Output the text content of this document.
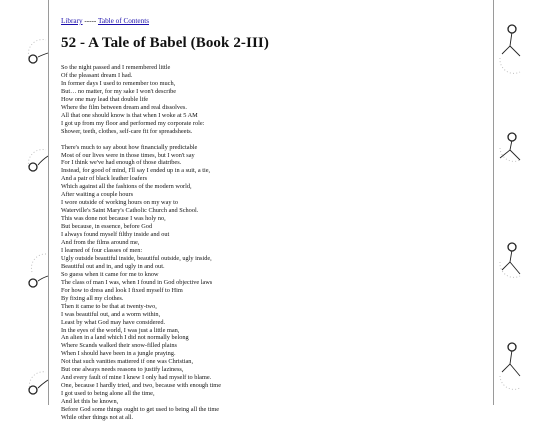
Library ----- Table of Contents
52 - A Tale of Babel (Book 2-III)
So the night passed and I remembered little
Of the pleasant dream I had.
In former days I used to remember too much,
But… no matter, for my sake I won't describe
How one may lead that double life
Where the film between dream and real dissolves.
All that one should know is that when I woke at 5 AM
I got up from my floor and performed my corporate role:
Shower, teeth, clothes, self-care fit for spreadsheets.
There's much to say about how financially predictable
Most of our lives were in those times, but I won't say
For I think we've had enough of those diatribes.
Instead, for good of mind, I'll say I ended up in a suit, a tie,
And a pair of black leather loafers
Which against all the fashions of the modern world,
After waiting a couple hours
I wore outside of working hours on my way to
Waterville's Saint Mary's Catholic Church and School.
This was done not because I was holy no,
But because, in essence, before God
I always found myself filthy inside and out
And from the films around me,
I learned of four classes of men:
Ugly outside beautiful inside, beautiful outside, ugly inside,
Beautiful out and in, and ugly in and out.
So guess when it came for me to know
The class of man I was, when I found in God objective laws
For how to dress and look I fixed myself to Him
By fixing all my clothes.
Then it came to be that at twenty-two,
I was beautiful out, and a worm within,
Least by what God may have considered.
In the eyes of the world, I was just a little man,
An alien in a land which I did not normally belong
Where Scands walked their snow-filled plains
When I should have been in a jungle praying.
Not that such vanities mattered if one was Christian,
But one always needs reasons to justify laziness,
And every fault of mine I knew I only had myself to blame.
One, because I hardly tried, and two, because with enough time
I got used to being alone all the time,
And let this be known,
Before God some things ought to get used to being all the time
While other things not at all.
